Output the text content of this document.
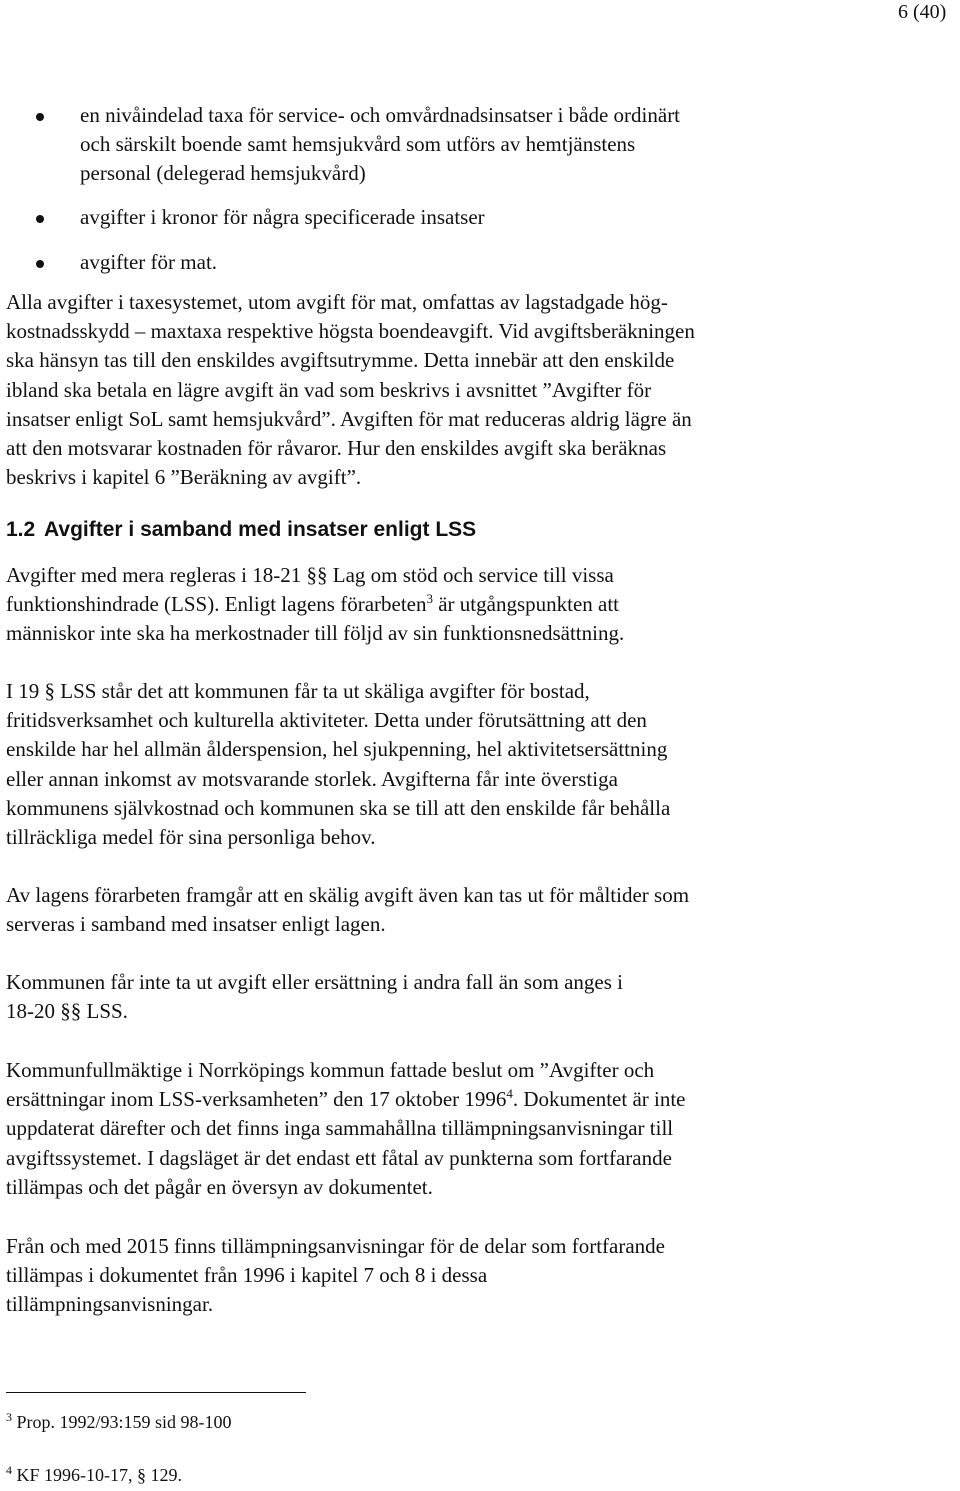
6 (40)
en nivåindelad taxa för service- och omvårdnadsinsatser i både ordinärt
och särskilt boende samt hemsjukvård som utförs av hemtjänstens
personal (delegerad hemsjukvård)
avgifter i kronor för några specificerade insatser
avgifter för mat.
Alla avgifter i taxesystemet, utom avgift för mat, omfattas av lagstadgade hög-
kostnadsskydd – maxtaxa respektive högsta boendeavgift. Vid avgiftsberäkningen
ska hänsyn tas till den enskildes avgiftsutrymme. Detta innebär att den enskilde
ibland ska betala en lägre avgift än vad som beskrivs i avsnittet ”Avgifter för
insatser enligt SoL samt hemsjukvård”. Avgiften för mat reduceras aldrig lägre än
att den motsvarar kostnaden för råvaror. Hur den enskildes avgift ska beräknas
beskrivs i kapitel 6 ”Beräkning av avgift”.
1.2 Avgifter i samband med insatser enligt LSS
Avgifter med mera regleras i 18-21 §§ Lag om stöd och service till vissa
funktionshindrade (LSS). Enligt lagens förarbeten$^3$ är utgångspunkten att
människor inte ska ha merkostnader till följd av sin funktionsnedsättning.
I 19 § LSS står det att kommunen får ta ut skäliga avgifter för bostad,
fritidsverksamhet och kulturella aktiviteter. Detta under förutsättning att den
enskilde har hel allmän ålderspension, hel sjukpenning, hel aktivitetsersättning
eller annan inkomst av motsvarande storlek. Avgifterna får inte överstiga
kommunens självkostnad och kommunen ska se till att den enskilde får behålla
tillräckliga medel för sina personliga behov.
Av lagens förarbeten framgår att en skälig avgift även kan tas ut för måltider som
serveras i samband med insatser enligt lagen.
Kommunen får inte ta ut avgift eller ersättning i andra fall än som anges i
18-20 §§ LSS.
Kommunfullmäktige i Norrköpings kommun fattade beslut om ”Avgifter och
ersättningar inom LSS-verksamheten” den 17 oktober 1996$^4$. Dokumentet är inte
uppdaterat därefter och det finns inga sammahållna tillämpningsanvisningar till
avgiftssystemet. I dagsläget är det endast ett fåtal av punkterna som fortfarande
tillämpas och det pågår en översyn av dokumentet.
Från och med 2015 finns tillämpningsanvisningar för de delar som fortfarande
tillämpas i dokumentet från 1996 i kapitel 7 och 8 i dessa
tillämpningsanvisningar.
$^3$ Prop. 1992/93:159 sid 98-100
$^4$ KF 1996-10-17, § 129.
